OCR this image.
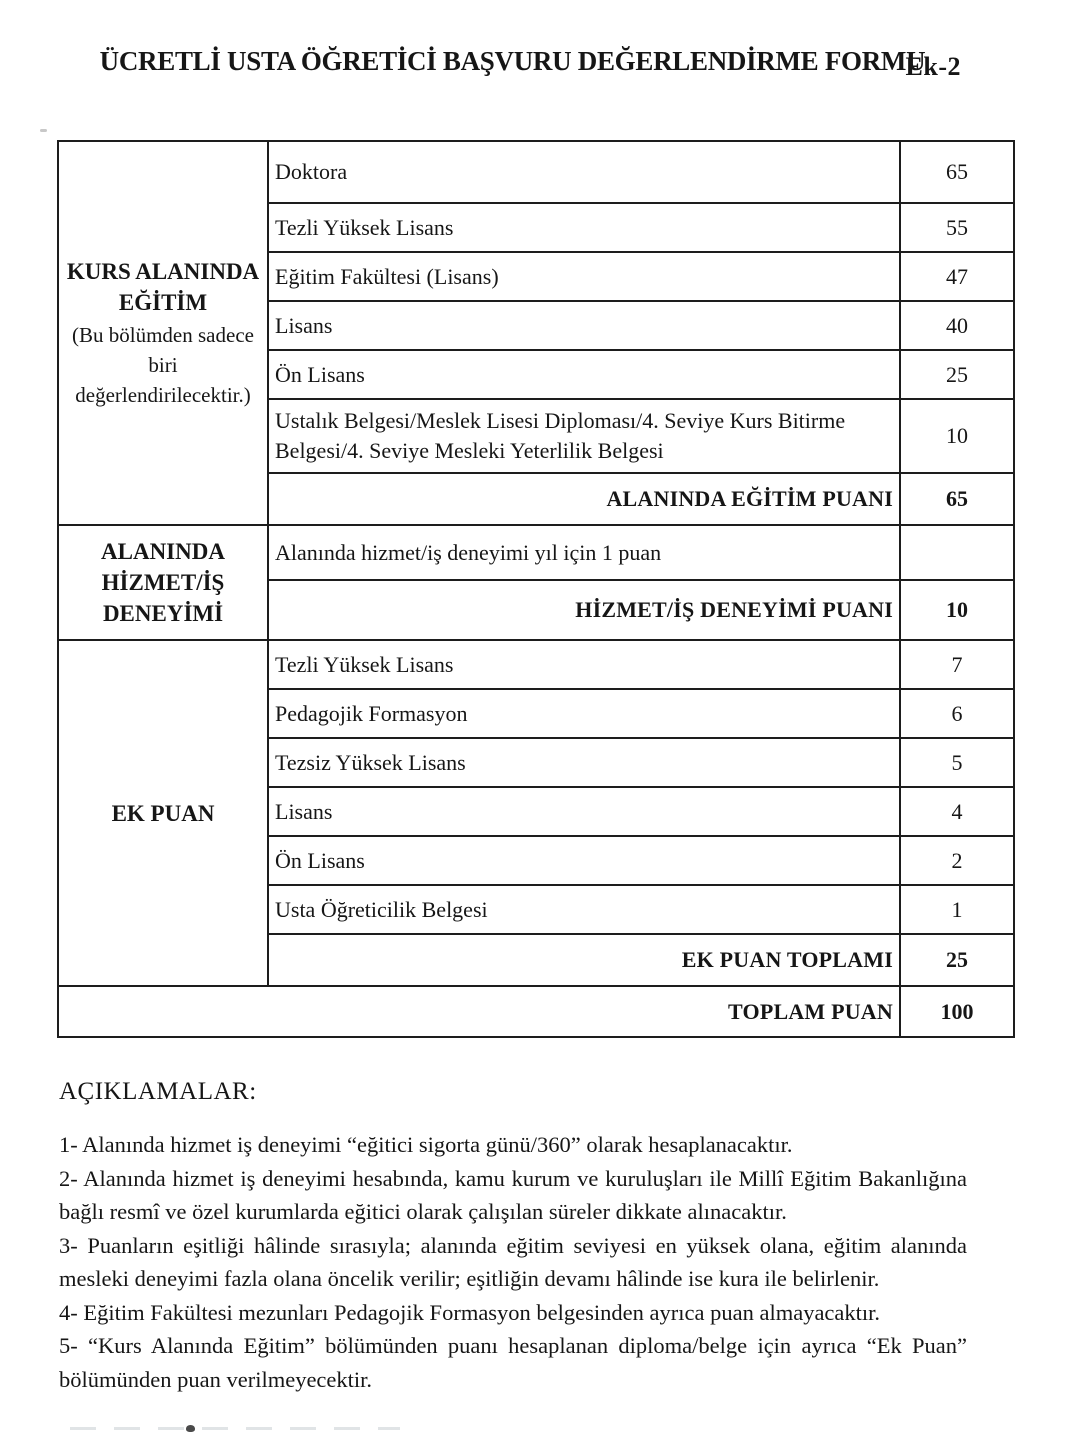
Ek-2
ÜCRETLİ USTA ÖĞRETİCİ BAŞVURU DEĞERLENDİRME FORMU
KURS ALANINDA EĞİTİM
(Bu bölümden sadece biri değerlendirilecektir.)	Doktora	65
	Tezli Yüksek Lisans	55
	Eğitim Fakültesi (Lisans)	47
	Lisans	40
	Ön Lisans	25
	Ustalık Belgesi/Meslek Lisesi Diploması/4. Seviye Kurs Bitirme Belgesi/4. Seviye Mesleki Yeterlilik Belgesi	10
	ALANINDA EĞİTİM PUANI	65

ALANINDA HİZMET/İŞ DENEYİMİ	Alanında hizmet/iş deneyimi yıl için 1 puan	
	HİZMET/İŞ DENEYİMİ PUANI	10

EK PUAN	Tezli Yüksek Lisans	7
	Pedagojik Formasyon	6
	Tezsiz Yüksek Lisans	5
	Lisans	4
	Ön Lisans	2
	Usta Öğreticilik Belgesi	1
	EK PUAN TOPLAMI	25
TOPLAM PUAN		100
AÇIKLAMALAR:

1- Alanında hizmet iş deneyimi “eğitici sigorta günü/360” olarak hesaplanacaktır.

2- Alanında hizmet iş deneyimi hesabında, kamu kurum ve kuruluşları ile Millî Eğitim Bakanlığına bağlı resmî ve özel kurumlarda eğitici olarak çalışılan süreler dikkate alınacaktır.

3- Puanların eşitliği hâlinde sırasıyla; alanında eğitim seviyesi en yüksek olana, eğitim alanında mesleki deneyimi fazla olana öncelik verilir; eşitliğin devamı hâlinde ise kura ile belirlenir.

4- Eğitim Fakültesi mezunları Pedagojik Formasyon belgesinden ayrıca puan almayacaktır.

5- “Kurs Alanında Eğitim” bölümünden puanı hesaplanan diploma/belge için ayrıca “Ek Puan” bölümünden puan verilmeyecektir.
